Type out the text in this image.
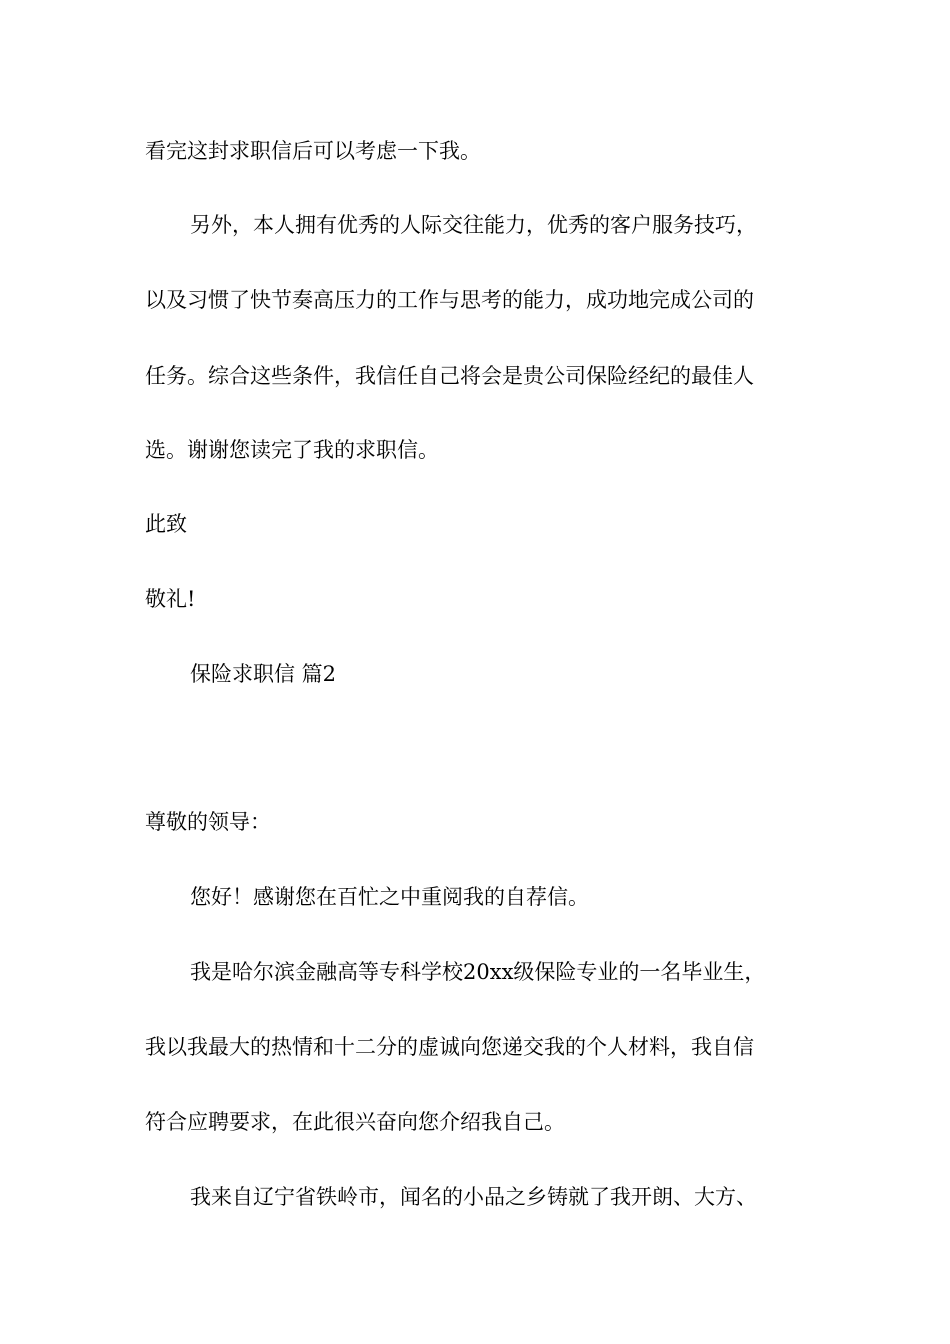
看完这封求职信后可以考虑一下我。
另外，本人拥有优秀的人际交往能力，优秀的客户服务技巧，
以及习惯了快节奏高压力的工作与思考的能力，成功地完成公司的
任务。综合这些条件，我信任自己将会是贵公司保险经纪的最佳人
选。谢谢您读完了我的求职信。
此致
敬礼!
保险求职信 篇2
尊敬的领导：
您好！感谢您在百忙之中重阅我的自荐信。
我是哈尔滨金融高等专科学校20xx级保险专业的一名毕业生，
我以我最大的热情和十二分的虚诚向您递交我的个人材料，我自信
符合应聘要求，在此很兴奋向您介绍我自己。
我来自辽宁省铁岭市，闻名的小品之乡铸就了我开朗、大方、
